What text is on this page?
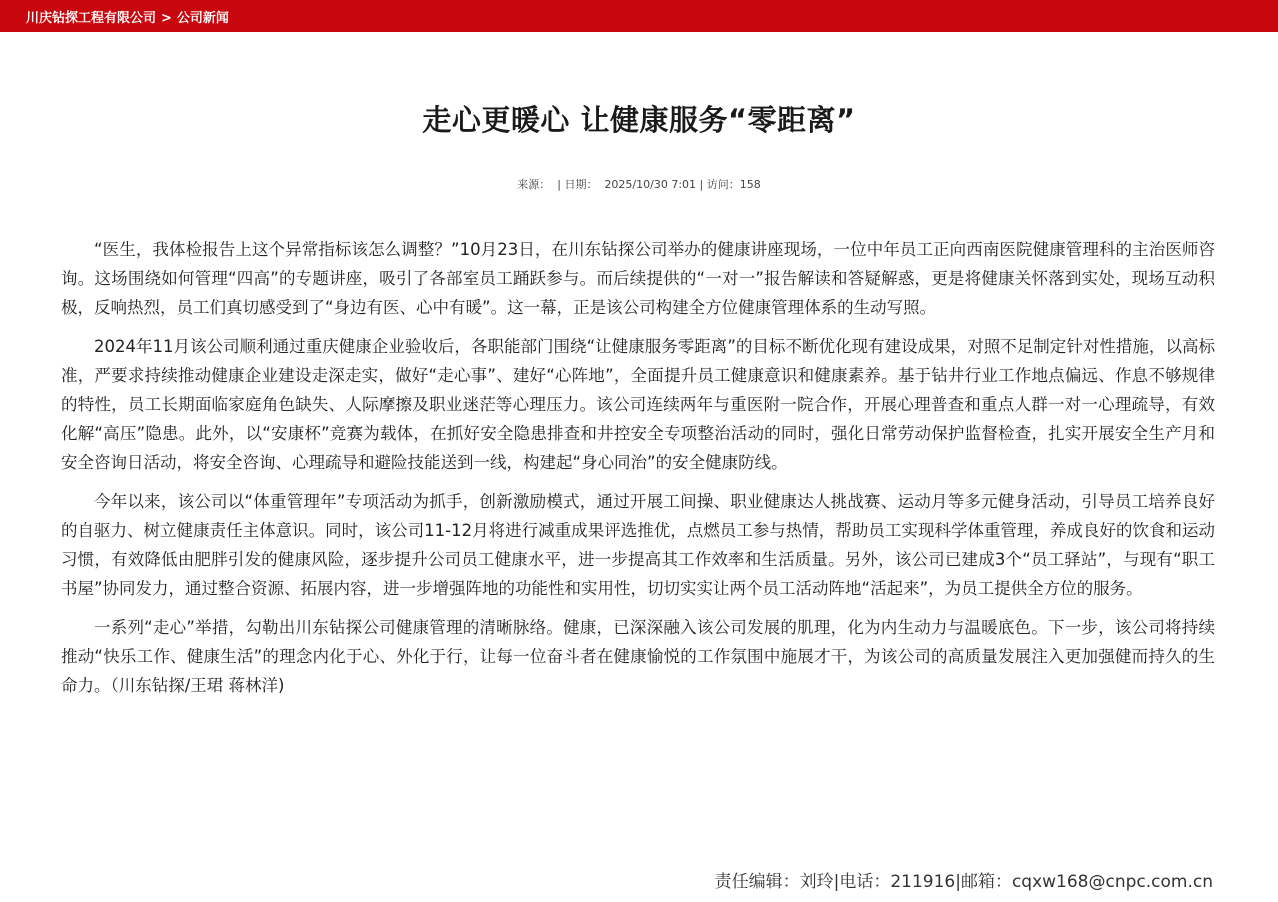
川庆钻探工程有限公司 > 公司新闻
走心更暖心 让健康服务“零距离”
来源：  | 日期：  2025/10/30 7:01 | 访问：158

“医生，我体检报告上这个异常指标该怎么调整？”10月23日，在川东钻探公司举办的健康讲座现场，一位中年员工正向西南医院健康管理科的主治医师咨询。这场围绕如何管理“四高”的专题讲座，吸引了各部室员工踊跃参与。而后续提供的“一对一”报告解读和答疑解惑，更是将健康关怀落到实处，现场互动积极，反响热烈，员工们真切感受到了“身边有医、心中有暖”。这一幕，正是该公司构建全方位健康管理体系的生动写照。

2024年11月该公司顺利通过重庆健康企业验收后，各职能部门围绕“让健康服务零距离”的目标不断优化现有建设成果，对照不足制定针对性措施，以高标准，严要求持续推动健康企业建设走深走实，做好“走心事”、建好“心阵地”，全面提升员工健康意识和健康素养。基于钻井行业工作地点偏远、作息不够规律的特性，员工长期面临家庭角色缺失、人际摩擦及职业迷茫等心理压力。该公司连续两年与重医附一院合作，开展心理普查和重点人群一对一心理疏导，有效化解“高压”隐患。此外，以“安康杯”竞赛为载体，在抓好安全隐患排查和井控安全专项整治活动的同时，强化日常劳动保护监督检查，扎实开展安全生产月和安全咨询日活动，将安全咨询、心理疏导和避险技能送到一线，构建起“身心同治”的安全健康防线。

今年以来，该公司以“体重管理年”专项活动为抓手，创新激励模式，通过开展工间操、职业健康达人挑战赛、运动月等多元健身活动，引导员工培养良好的自驱力、树立健康责任主体意识。同时，该公司11-12月将进行减重成果评选推优，点燃员工参与热情，帮助员工实现科学体重管理，养成良好的饮食和运动习惯，有效降低由肥胖引发的健康风险，逐步提升公司员工健康水平，进一步提高其工作效率和生活质量。另外，该公司已建成3个“员工驿站”，与现有“职工书屋”协同发力，通过整合资源、拓展内容，进一步增强阵地的功能性和实用性，切切实实让两个员工活动阵地“活起来”，为员工提供全方位的服务。

一系列“走心”举措，勾勒出川东钻探公司健康管理的清晰脉络。健康，已深深融入该公司发展的肌理，化为内生动力与温暖底色。下一步，该公司将持续推动“快乐工作、健康生活”的理念内化于心、外化于行，让每一位奋斗者在健康愉悦的工作氛围中施展才干，为该公司的高质量发展注入更加强健而持久的生命力。（川东钻探/王珺 蒋林洋)

责任编辑：刘玲|电话：211916|邮箱：cqxw168@cnpc.com.cn
